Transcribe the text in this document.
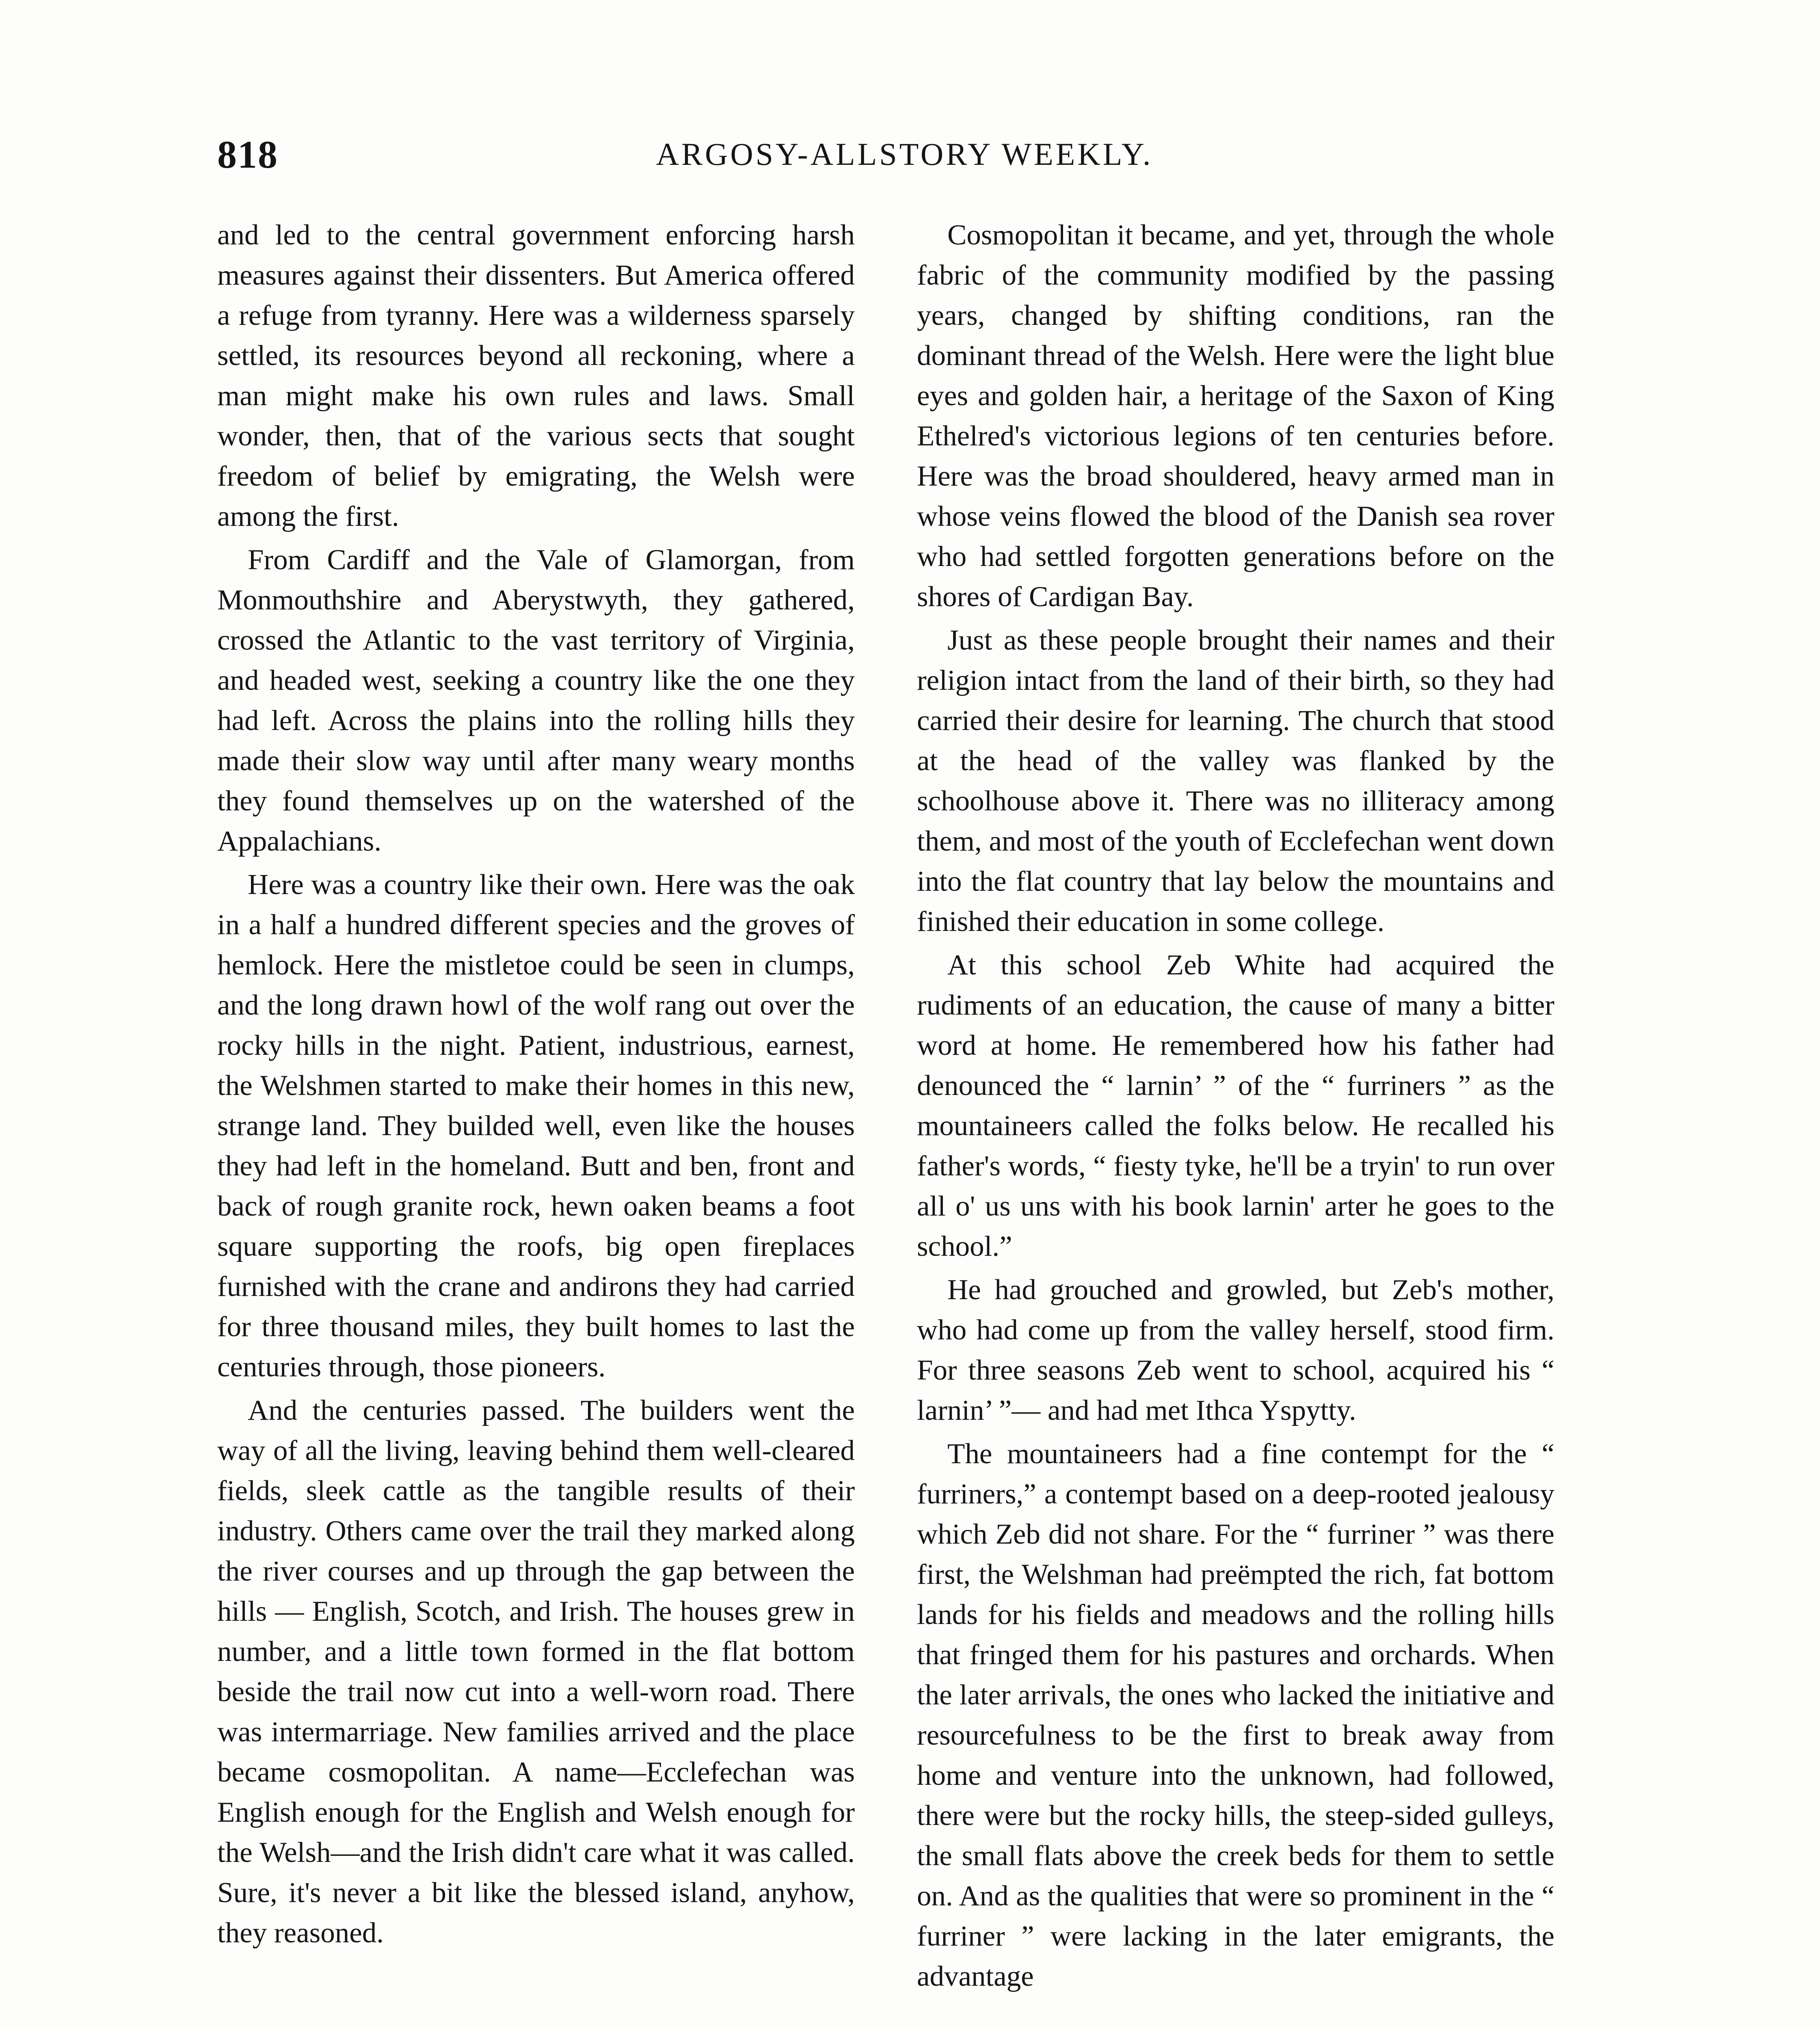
818	ARGOSY-ALLSTORY WEEKLY.

and led to the central government enforcing harsh measures against their dissenters. But America offered a refuge from tyranny. Here was a wilderness sparsely settled, its resources beyond all reckoning, where a man might make his own rules and laws. Small wonder, then, that of the various sects that sought freedom of belief by emigrating, the Welsh were among the first.

From Cardiff and the Vale of Glamorgan, from Monmouthshire and Aberystwyth, they gathered, crossed the Atlantic to the vast territory of Virginia, and headed west, seeking a country like the one they had left. Across the plains into the rolling hills they made their slow way until after many weary months they found themselves up on the watershed of the Appalachians.

Here was a country like their own. Here was the oak in a half a hundred different species and the groves of hemlock. Here the mistletoe could be seen in clumps, and the long drawn howl of the wolf rang out over the rocky hills in the night. Patient, industrious, earnest, the Welshmen started to make their homes in this new, strange land. They builded well, even like the houses they had left in the homeland. Butt and ben, front and back of rough granite rock, hewn oaken beams a foot square supporting the roofs, big open fireplaces furnished with the crane and andirons they had carried for three thousand miles, they built homes to last the centuries through, those pioneers.

And the centuries passed. The builders went the way of all the living, leaving behind them well-cleared fields, sleek cattle as the tangible results of their industry. Others came over the trail they marked along the river courses and up through the gap between the hills — English, Scotch, and Irish. The houses grew in number, and a little town formed in the flat bottom beside the trail now cut into a well-worn road. There was intermarriage. New families arrived and the place became cosmopolitan. A name—Ecclefechan was English enough for the English and Welsh enough for the Welsh—and the Irish didn't care what it was called. Sure, it's never a bit like the blessed island, anyhow, they reasoned.

Cosmopolitan it became, and yet, through the whole fabric of the community modified by the passing years, changed by shifting conditions, ran the dominant thread of the Welsh. Here were the light blue eyes and golden hair, a heritage of the Saxon of King Ethelred's victorious legions of ten centuries before. Here was the broad shouldered, heavy armed man in whose veins flowed the blood of the Danish sea rover who had settled forgotten generations before on the shores of Cardigan Bay.

Just as these people brought their names and their religion intact from the land of their birth, so they had carried their desire for learning. The church that stood at the head of the valley was flanked by the schoolhouse above it. There was no illiteracy among them, and most of the youth of Ecclefechan went down into the flat country that lay below the mountains and finished their education in some college.

At this school Zeb White had acquired the rudiments of an education, the cause of many a bitter word at home. He remembered how his father had denounced the “ larnin’ ” of the “ furriners ” as the mountaineers called the folks below. He recalled his father's words, “ fiesty tyke, he'll be a tryin' to run over all o' us uns with his book larnin' arter he goes to the school.”

He had grouched and growled, but Zeb's mother, who had come up from the valley herself, stood firm. For three seasons Zeb went to school, acquired his “ larnin’ ”— and had met Ithca Yspytty.

The mountaineers had a fine contempt for the “ furriners,” a contempt based on a deep-rooted jealousy which Zeb did not share. For the “ furriner ” was there first, the Welshman had preëmpted the rich, fat bottom lands for his fields and meadows and the rolling hills that fringed them for his pastures and orchards. When the later arrivals, the ones who lacked the initiative and resourcefulness to be the first to break away from home and venture into the unknown, had followed, there were but the rocky hills, the steep-sided gulleys, the small flats above the creek beds for them to settle on. And as the qualities that were so prominent in the “ furriner ” were lacking in the later emigrants, the advantage
